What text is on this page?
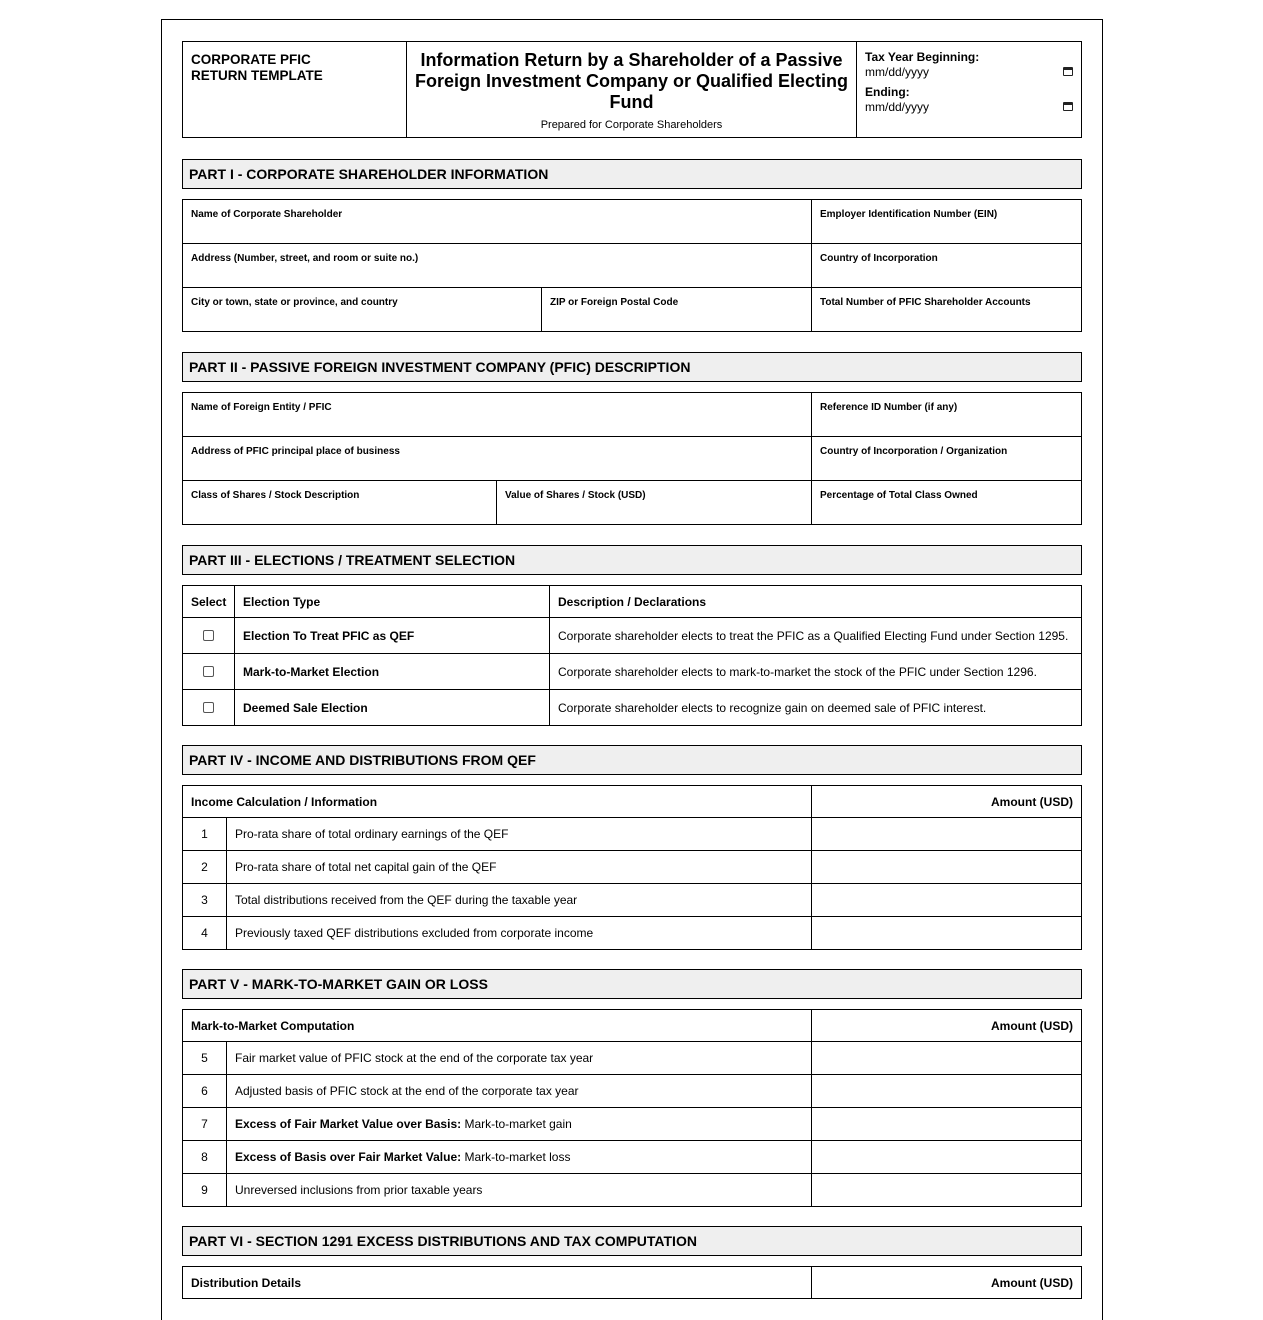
CORPORATE PFIC
RETURN TEMPLATE
Information Return by a Shareholder of a Passive Foreign Investment Company or Qualified Electing Fund
Prepared for Corporate Shareholders
Tax Year Beginning:
mm/dd/yyyy
Ending:
mm/dd/yyyy
PART I - CORPORATE SHAREHOLDER INFORMATION
Name of Corporate Shareholder	Employer Identification Number (EIN)
Address (Number, street, and room or suite no.)	Country of Incorporation
City or town, state or province, and country	ZIP or Foreign Postal Code	Total Number of PFIC Shareholder Accounts
PART II - PASSIVE FOREIGN INVESTMENT COMPANY (PFIC) DESCRIPTION
Name of Foreign Entity / PFIC	Reference ID Number (if any)
Address of PFIC principal place of business	Country of Incorporation / Organization
Class of Shares / Stock Description	Value of Shares / Stock (USD)	Percentage of Total Class Owned
PART III - ELECTIONS / TREATMENT SELECTION
Select	Election Type	Description / Declarations

	Election To Treat PFIC as QEF	Corporate shareholder elects to treat the PFIC as a Qualified Electing Fund under Section 1295.

	Mark-to-Market Election	Corporate shareholder elects to mark-to-market the stock of the PFIC under Section 1296.

	Deemed Sale Election	Corporate shareholder elects to recognize gain on deemed sale of PFIC interest.
PART IV - INCOME AND DISTRIBUTIONS FROM QEF
Income Calculation / Information		Amount (USD)
1	Pro-rata share of total ordinary earnings of the QEF	
2	Pro-rata share of total net capital gain of the QEF	
3	Total distributions received from the QEF during the taxable year	
4	Previously taxed QEF distributions excluded from corporate income	
PART V - MARK-TO-MARKET GAIN OR LOSS
Mark-to-Market Computation		Amount (USD)
5	Fair market value of PFIC stock at the end of the corporate tax year	
6	Adjusted basis of PFIC stock at the end of the corporate tax year	
7	Excess of Fair Market Value over Basis: Mark-to-market gain	
8	Excess of Basis over Fair Market Value: Mark-to-market loss	
9	Unreversed inclusions from prior taxable years	
PART VI - SECTION 1291 EXCESS DISTRIBUTIONS AND TAX COMPUTATION
Distribution Details	Amount (USD)
